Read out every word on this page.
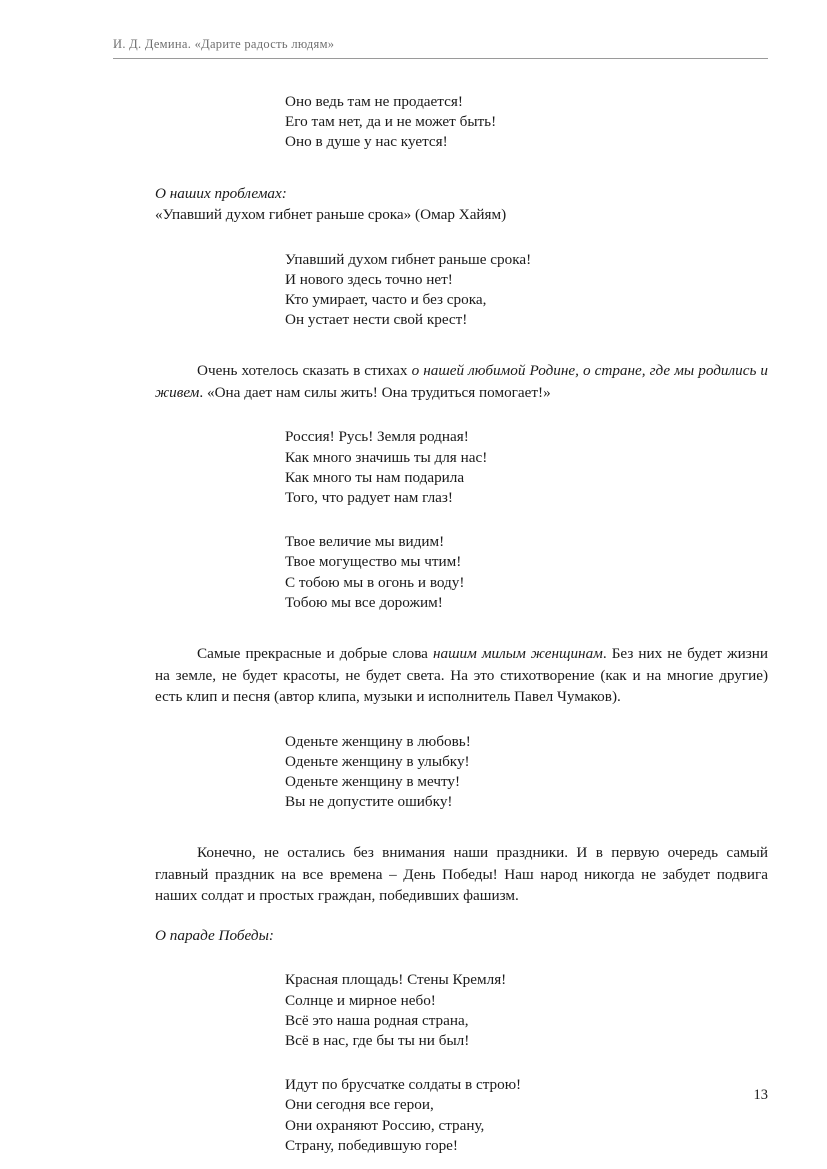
И. Д. Демина. «Дарите радость людям»
Оно ведь там не продается!
Его там нет, да и не может быть!
Оно в душе у нас куется!
О наших проблемах:
«Упавший духом гибнет раньше срока» (Омар Хайям)
Упавший духом гибнет раньше срока!
И нового здесь точно нет!
Кто умирает, часто и без срока,
Он устает нести свой крест!

Очень хотелось сказать в стихах о нашей любимой Родине, о стране, где мы родились и живем. «Она дает нам силы жить! Она трудиться помогает!»

Россия! Русь! Земля родная!
Как много значишь ты для нас!
Как много ты нам подарила
Того, что радует нам глаз!
Твое величие мы видим!
Твое могущество мы чтим!
С тобою мы в огонь и воду!
Тобою мы все дорожим!

Самые прекрасные и добрые слова нашим милым женщинам. Без них не будет жизни на земле, не будет красоты, не будет света. На это стихотворение (как и на многие другие) есть клип и песня (автор клипа, музыки и исполнитель Павел Чумаков).

Оденьте женщину в любовь!
Оденьте женщину в улыбку!
Оденьте женщину в мечту!
Вы не допустите ошибку!

Конечно, не остались без внимания наши праздники. И в первую очередь самый главный праздник на все времена – День Победы! Наш народ никогда не забудет подвига наших солдат и простых граждан, победивших фашизм.

О параде Победы:
Красная площадь! Стены Кремля!
Солнце и мирное небо!
Всё это наша родная страна,
Всё в нас, где бы ты ни был!
Идут по брусчатке солдаты в строю!
Они сегодня все герои,
Они охраняют Россию, страну,
Страну, победившую горе!
13
